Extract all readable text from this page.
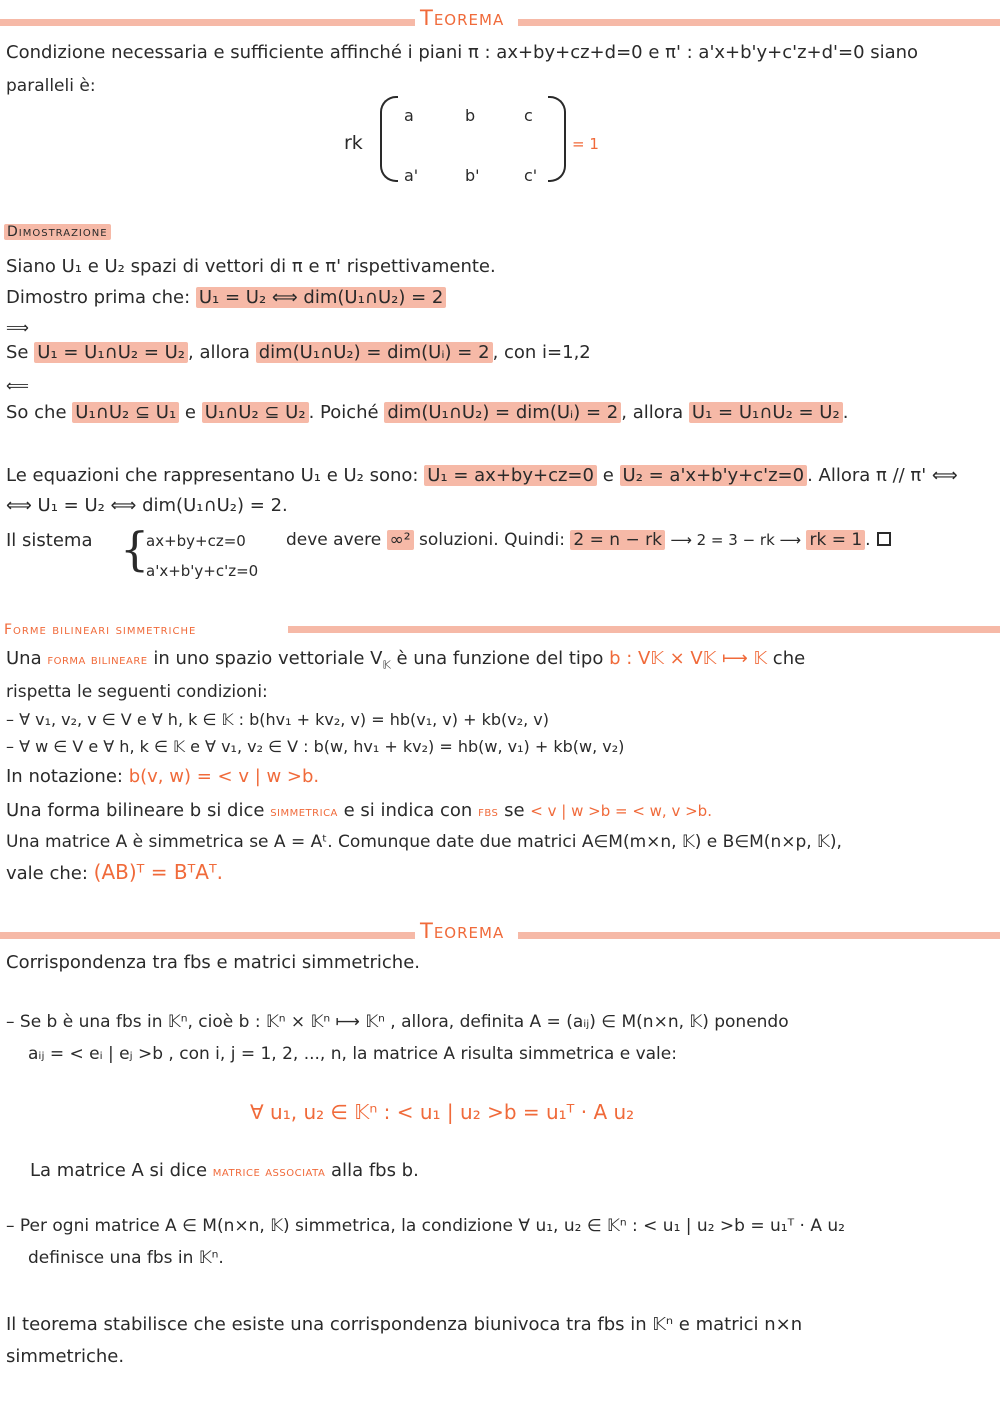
Teorema
Condizione necessaria e sufficiente affinché i piani π : ax+by+cz+d=0 e π' : a'x+b'y+c'z+d'=0 siano
paralleli è:
rk
a	b	c
a'	b'	c'
= 1
Dimostrazione
Siano U₁ e U₂ spazi di vettori di π e π' rispettivamente.
Dimostro prima che: U₁ = U₂ ⟺ dim(U₁∩U₂) = 2
⟹
Se U₁ = U₁∩U₂ = U₂ , allora dim(U₁∩U₂) = dim(Uᵢ) = 2 , con i=1,2
⟸
So che U₁∩U₂ ⊆ U₁ e U₁∩U₂ ⊆ U₂ . Poiché dim(U₁∩U₂) = dim(Uᵢ) = 2 , allora U₁ = U₁∩U₂ = U₂ .
Le equazioni che rappresentano U₁ e U₂ sono: U₁ = ax+by+cz=0 e U₂ = a'x+b'y+c'z=0 . Allora π // π' ⟺
⟺ U₁ = U₂ ⟺ dim(U₁∩U₂) = 2.
Il sistema {
ax+by+cz=0
a'x+b'y+c'z=0
deve avere ∞² soluzioni. Quindi: 2 = n − rk ⟶ 2 = 3 − rk ⟶ rk = 1 .
Forme bilineari simmetriche
Una forma bilineare in uno spazio vettoriale $V_𝕂$ è una funzione del tipo b : V𝕂 × V𝕂 ⟼ 𝕂 che
rispetta le seguenti condizioni:
– ∀ v₁, v₂, v ∈ V e ∀ h, k ∈ 𝕂 : b(hv₁ + kv₂, v) = hb(v₁, v) + kb(v₂, v)
– ∀ w ∈ V e ∀ h, k ∈ 𝕂 e ∀ v₁, v₂ ∈ V : b(w, hv₁ + kv₂) = hb(w, v₁) + kb(w, v₂)
In notazione: b(v, w) = < v | w >b.
Una forma bilineare b si dice simmetrica e si indica con fbs se < v | w >b = < w, v >b.
Una matrice A è simmetrica se A = Aᵗ. Comunque date due matrici A∈M(m×n, 𝕂) e B∈M(n×p, 𝕂),
vale che: (AB)ᵀ = BᵀAᵀ.
Teorema
Corrispondenza tra fbs e matrici simmetriche.
– Se b è una fbs in 𝕂ⁿ, cioè b : 𝕂ⁿ × 𝕂ⁿ ⟼ 𝕂ⁿ , allora, definita A = (aᵢⱼ) ∈ M(n×n, 𝕂) ponendo
aᵢⱼ = < eᵢ | eⱼ >b , con i, j = 1, 2, ..., n, la matrice A risulta simmetrica e vale:
∀ u₁, u₂ ∈ 𝕂ⁿ : < u₁ | u₂ >b = u₁ᵀ · A u₂
La matrice A si dice matrice associata alla fbs b.
– Per ogni matrice A ∈ M(n×n, 𝕂) simmetrica, la condizione ∀ u₁, u₂ ∈ 𝕂ⁿ : < u₁ | u₂ >b = u₁ᵀ · A u₂
definisce una fbs in 𝕂ⁿ.
Il teorema stabilisce che esiste una corrispondenza biunivoca tra fbs in 𝕂ⁿ e matrici n×n
simmetriche.
